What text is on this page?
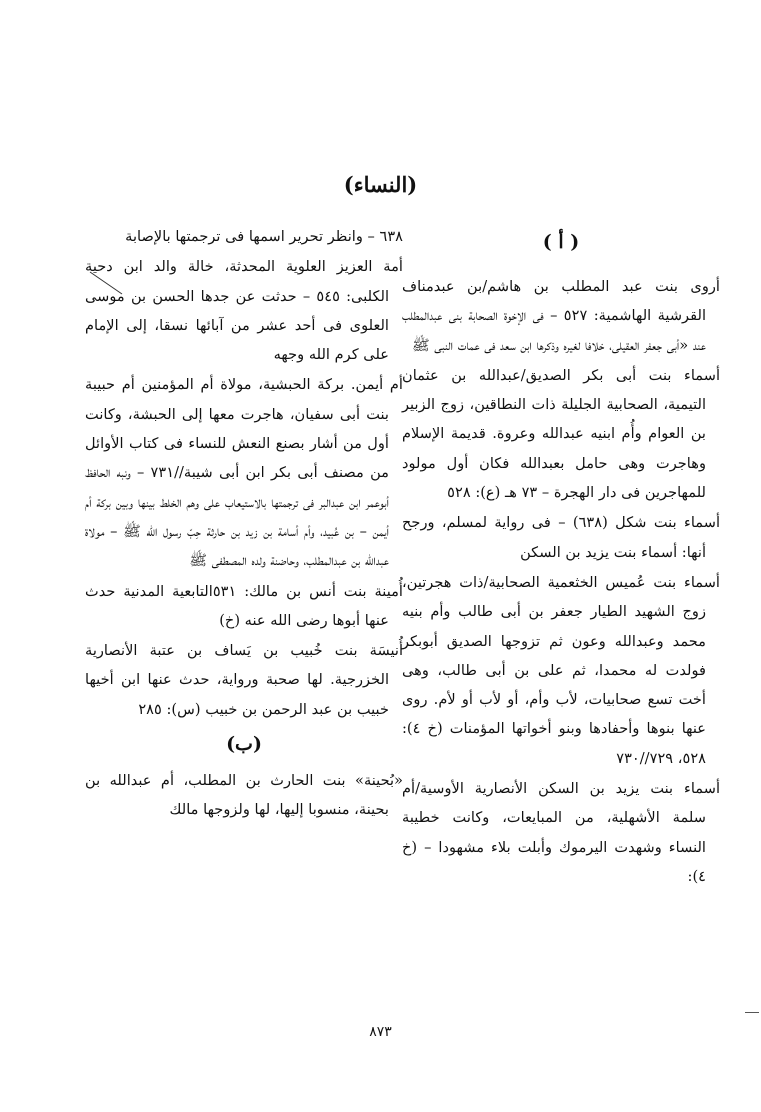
(النساء)
( أ )

أروى بنت عبد المطلب بن هاشم/بن عبدمناف القرشية الهاشمية: ٥٢٧ – فى الإخوة الصحابة بنى عبدالمطلب عند «أبى جعفر العقيلى، خلافا لغيره وذكرها ابن سعد فى عمات النبى ﷺ

أسماء بنت أبى بكر الصديق/عبدالله بن عثمان التيمية، الصحابية الجليلة ذات النطاقين، زوج الزبير بن العوام وأُم ابنيه عبدالله وعروة. قديمة الإسلام وهاجرت وهى حامل بعبدالله فكان أول مولود للمهاجرين فى دار الهجرة – ٧٣ هـ (ع): ٥٢٨

أسماء بنت شكل (٦٣٨) – فى رواية لمسلم، ورجح أنها: أسماء بنت يزيد بن السكن

أسماء بنت عُميس الخثعمية الصحابية/ذات هجرتين، زوج الشهيد الطيار جعفر بن أبى طالب وأم بنيه محمد وعبدالله وعون ثم تزوجها الصديق أبوبكر فولدت له محمدا، ثم على بن أبى طالب، وهى أخت تسع صحابيات، لأب وأم، أو لأب أو لأم. روى عنها بنوها وأحفادها وبنو أخواتها المؤمنات (خ ٤): ٥٢٨، ٧٢٩//٧٣٠

أسماء بنت يزيد بن السكن الأنصارية الأوسية/أم سلمة الأشهلية، من المبايعات، وكانت خطيبة النساء وشهدت اليرموك وأبلت بلاء مشهودا – (خ ٤):

٦٣٨ – وانظر تحرير اسمها فى ترجمتها بالإصابة

أمة العزيز العلوية المحدثة، خالة والد ابن دحية الكلبى: ٥٤٥ – حدثت عن جدها الحسن بن موسى العلوى فى أحد عشر من آبائها نسقا، إلى الإمام على كرم الله وجهه

أم أيمن. بركة الحبشية، مولاة أم المؤمنين أم حبيبة بنت أبى سفيان، هاجرت معها إلى الحبشة، وكانت أول من أشار بصنع النعش للنساء فى كتاب الأوائل من مصنف أبى بكر ابن أبى شيبة//٧٣١ – ونبه الحافظ أبوعمر ابن عبدالبر فى ترجمتها بالاستيعاب على وهم الخلط بينها وبين بركة أم أيمن – بن عُبيد، وأم أسامة بن زيد بن حارثة حِبّ رسول الله ﷺ – مولاة عبدالله بن عبدالمطلب، وحاضنة ولده المصطفى ﷺ

أُمينة بنت أنس بن مالك: ٥٣١التابعية المدنية حدث عنها أبوها رضى الله عنه (خ)

أُنيسَة بنت خُبيب بن يَساف بن عتبة الأنصارية الخزرجية. لها صحبة ورواية، حدث عنها ابن أخيها خبيب بن عبد الرحمن بن خبيب (س): ٢٨٥

(ب)

«بُحينة» بنت الحارث بن المطلب، أم عبدالله بن بحينة، منسوبا إليها، لها ولزوجها مالك

٨٧٣
